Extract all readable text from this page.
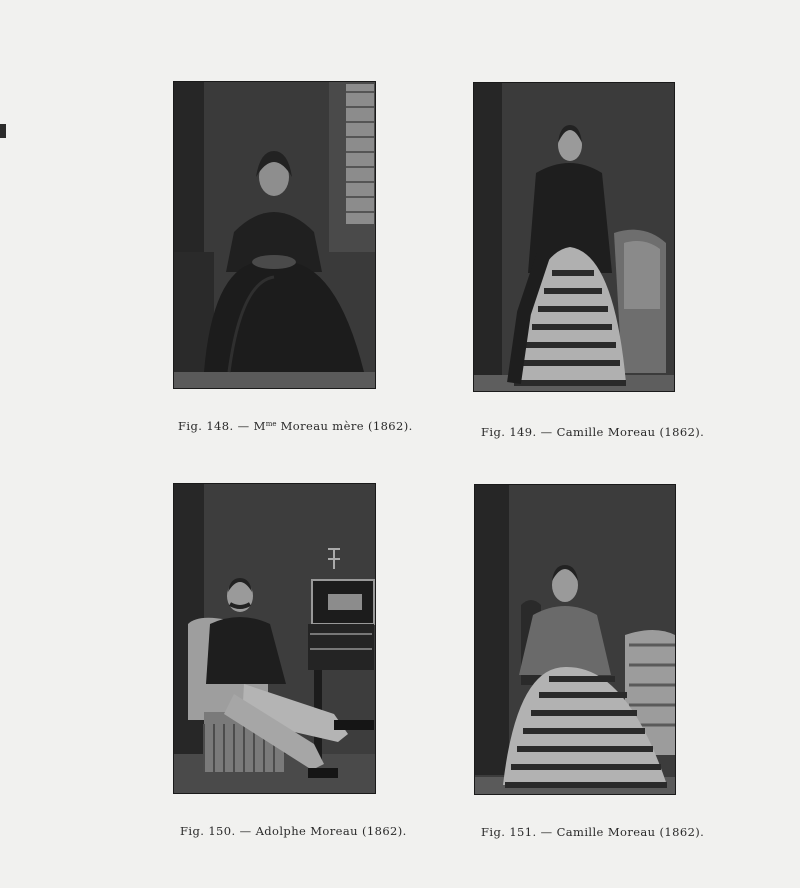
Fig. 148. — $M^{me}$ Moreau mère (1862).	Fig. 149. — Camille Moreau (1862).
Fig. 150. — Adolphe Moreau (1862).	Fig. 151. — Camille Moreau (1862).
